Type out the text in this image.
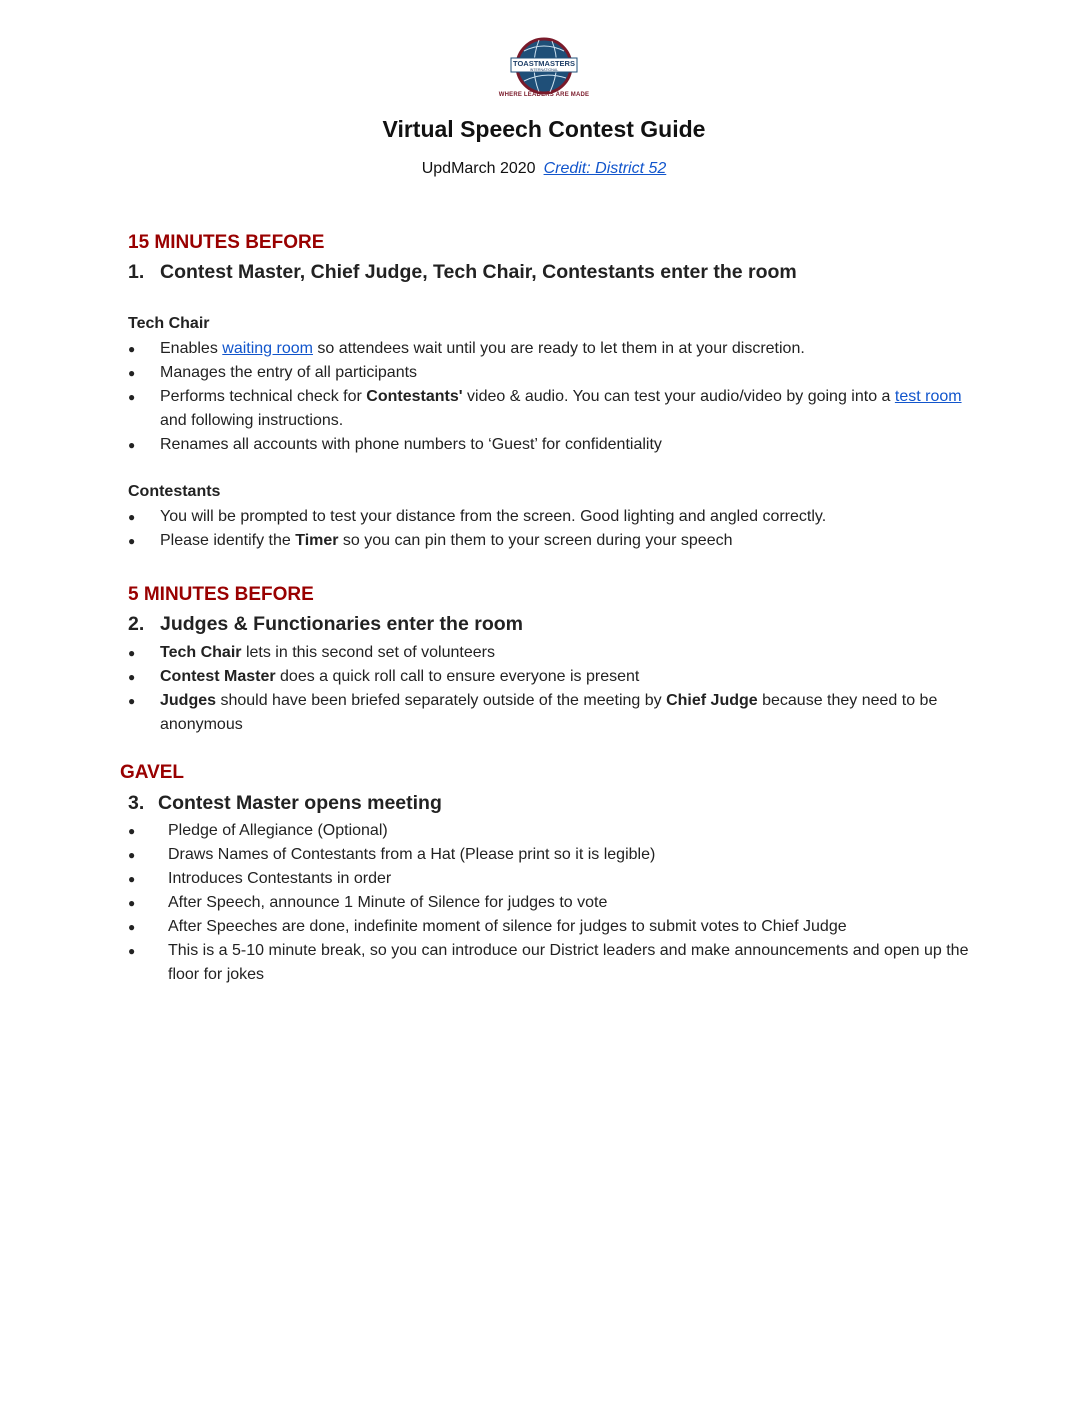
TOASTMASTERS
INTERNATIONAL
WHERE LEADERS ARE MADE
Virtual Speech Contest Guide
UpdMarch 2020 Credit: District 52
15 MINUTES BEFORE
1. Contest Master, Chief Judge, Tech Chair, Contestants enter the room
Tech Chair
● Enables waiting room so attendees wait until you are ready to let them in at your discretion.
● Manages the entry of all participants
● Performs technical check for Contestants' video & audio. You can test your audio/video by going into a test room and following instructions.
● Renames all accounts with phone numbers to ‘Guest’ for confidentiality
Contestants
● You will be prompted to test your distance from the screen. Good lighting and angled correctly.
● Please identify the Timer so you can pin them to your screen during your speech
5 MINUTES BEFORE
2. Judges & Functionaries enter the room
● Tech Chair lets in this second set of volunteers
● Contest Master does a quick roll call to ensure everyone is present
● Judges should have been briefed separately outside of the meeting by Chief Judge because they need to be anonymous
GAVEL
3. Contest Master opens meeting
● Pledge of Allegiance (Optional)
● Draws Names of Contestants from a Hat (Please print so it is legible)
● Introduces Contestants in order
● After Speech, announce 1 Minute of Silence for judges to vote
● After Speeches are done, indefinite moment of silence for judges to submit votes to Chief Judge
● This is a 5-10 minute break, so you can introduce our District leaders and make announcements and open up the floor for jokes
